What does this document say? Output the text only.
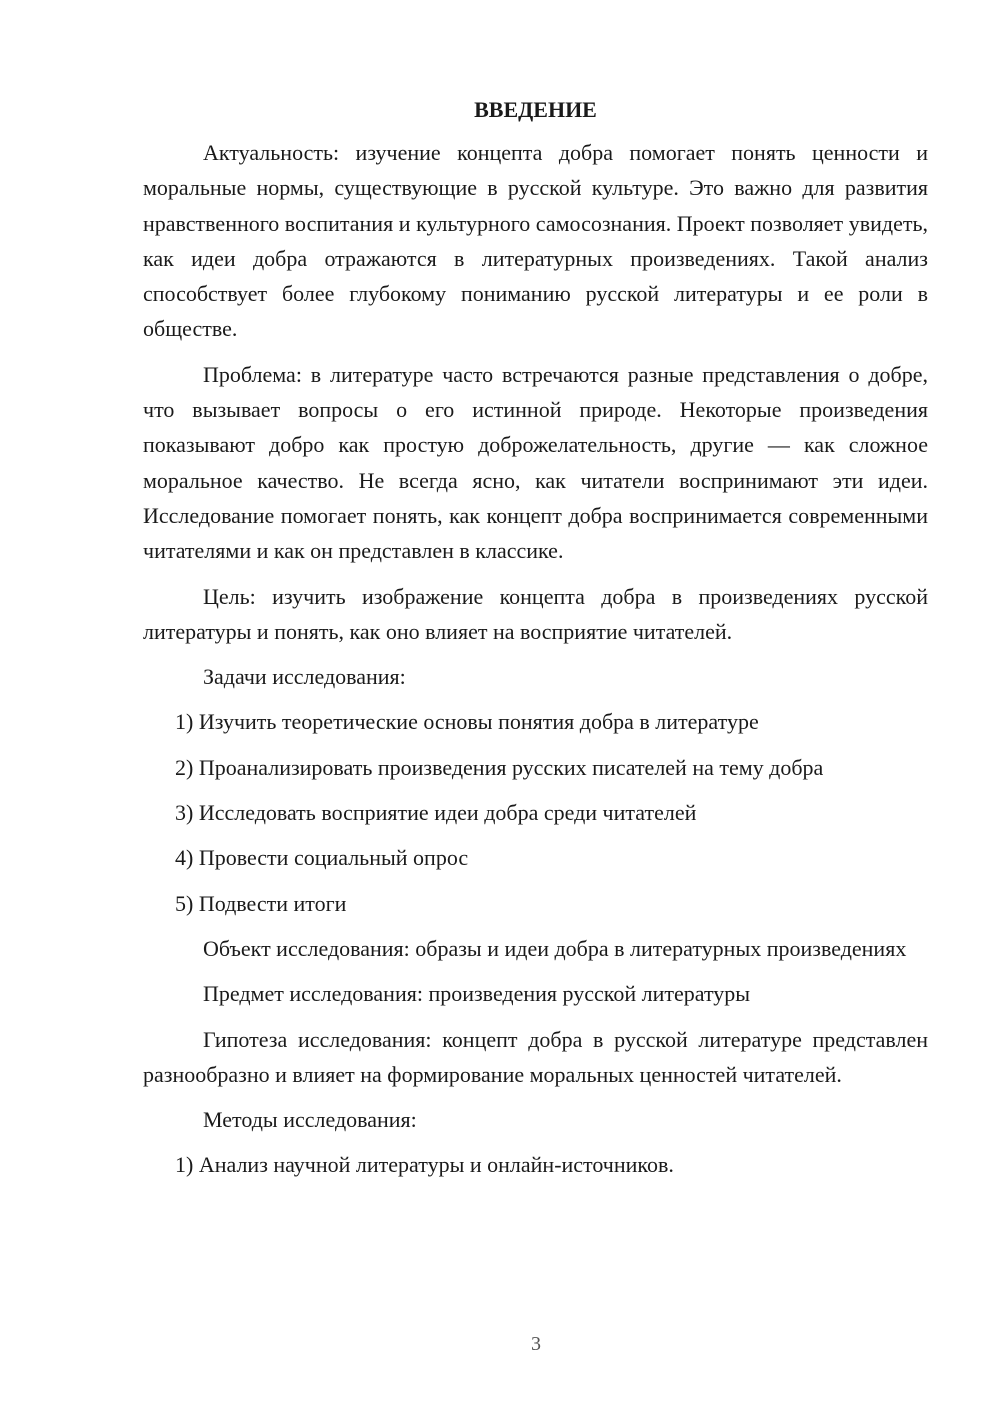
ВВЕДЕНИЕ

Актуальность: изучение концепта добра помогает понять ценности и моральные нормы, существующие в русской культуре. Это важно для развития нравственного воспитания и культурного самосознания. Проект позволяет увидеть, как идеи добра отражаются в литературных произведениях. Такой анализ способствует более глубокому пониманию русской литературы и ее роли в обществе.

Проблема: в литературе часто встречаются разные представления о добре, что вызывает вопросы о его истинной природе. Некоторые произведения показывают добро как простую доброжелательность, другие — как сложное моральное качество. Не всегда ясно, как читатели воспринимают эти идеи. Исследование помогает понять, как концепт добра воспринимается современными читателями и как он представлен в классике.

Цель: изучить изображение концепта добра в произведениях русской литературы и понять, как оно влияет на восприятие читателей.

Задачи исследования:

1) Изучить теоретические основы понятия добра в литературе
2) Проанализировать произведения русских писателей на тему добра
3) Исследовать восприятие идеи добра среди читателей
4) Провести социальный опрос
5) Подвести итоги

Объект исследования: образы и идеи добра в литературных произведениях

Предмет исследования: произведения русской литературы

Гипотеза исследования: концепт добра в русской литературе представлен разнообразно и влияет на формирование моральных ценностей читателей.

Методы исследования:

1) Анализ научной литературы и онлайн-источников.
3
